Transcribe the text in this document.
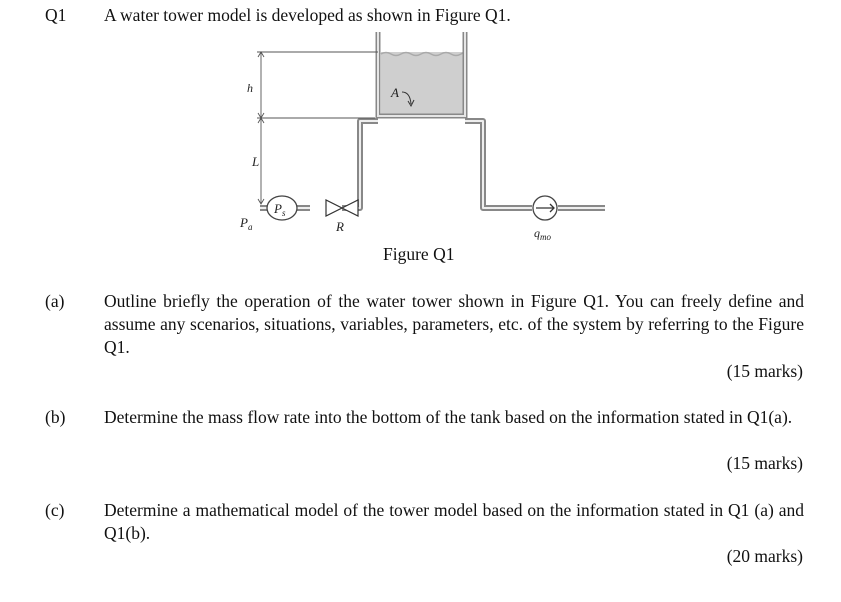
Q1 A water tower model is developed as shown in Figure Q1.
h
L
A
$P_a$
$P_s$
R	$q_{mo}$
Figure Q1
(a) Outline briefly the operation of the water tower shown in Figure Q1. You can freely define and assume any scenarios, situations, variables, parameters, etc. of the system by referring to the Figure Q1.
(15 marks)
(b) Determine the mass flow rate into the bottom of the tank based on the information stated in Q1(a).
(15 marks)
(c) Determine a mathematical model of the tower model based on the information stated in Q1 (a) and Q1(b).
(20 marks)
